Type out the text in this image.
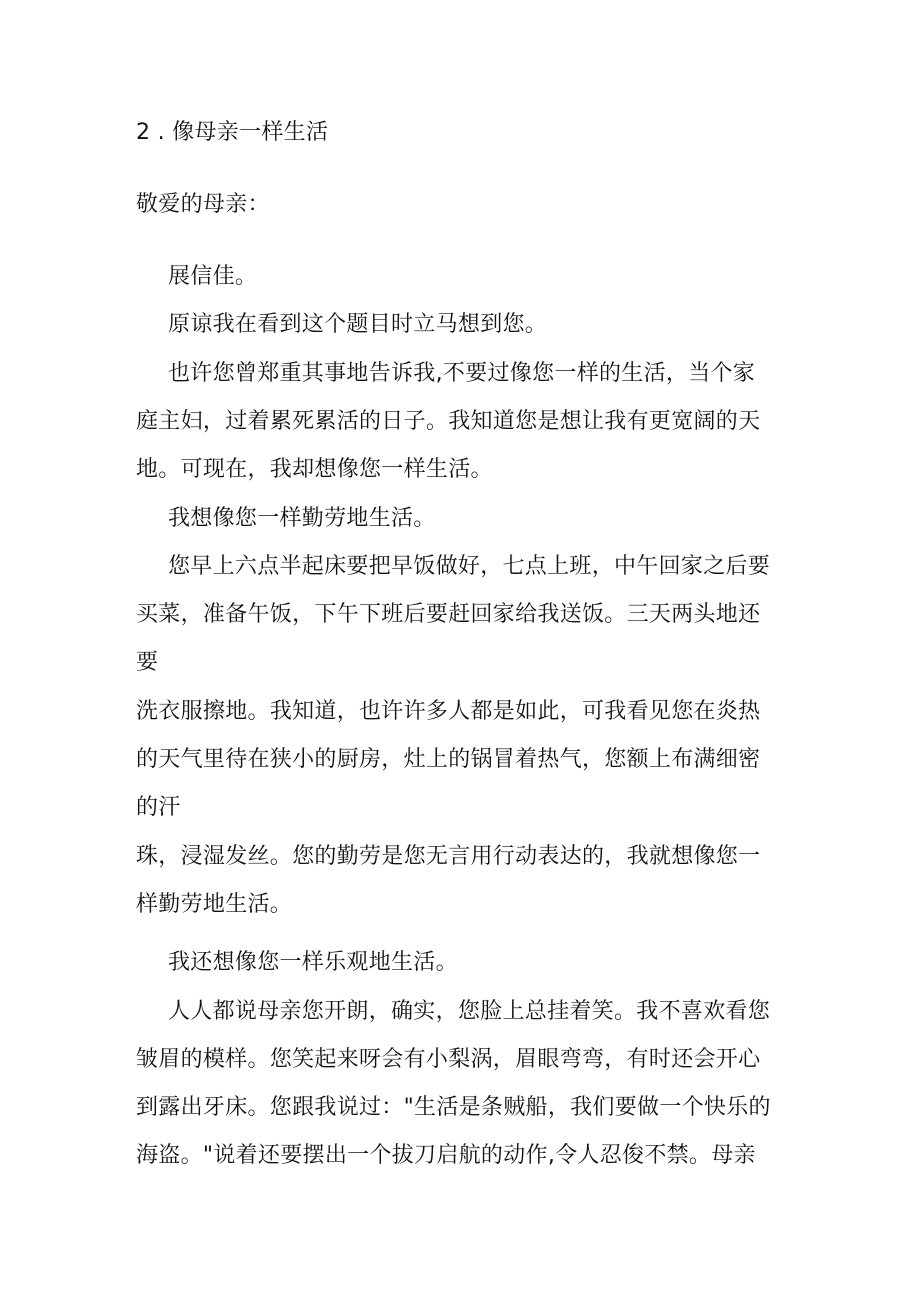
2 . 像母亲一样生活
敬爱的母亲：
展信佳。
原谅我在看到这个题目时立马想到您。
也许您曾郑重其事地告诉我,不要过像您一样的生活，当个家
庭主妇，过着累死累活的日子。我知道您是想让我有更宽阔的天
地。可现在，我却想像您一样生活。
我想像您一样勤劳地生活。
您早上六点半起床要把早饭做好，七点上班，中午回家之后要
买菜，准备午饭，下午下班后要赶回家给我送饭。三天两头地还
要
洗衣服擦地。我知道，也许许多人都是如此，可我看见您在炎热
的天气里待在狭小的厨房，灶上的锅冒着热气，您额上布满细密
的汗
珠，浸湿发丝。您的勤劳是您无言用行动表达的，我就想像您一
样勤劳地生活。
我还想像您一样乐观地生活。
人人都说母亲您开朗，确实，您脸上总挂着笑。我不喜欢看您
皱眉的模样。您笑起来呀会有小梨涡，眉眼弯弯，有时还会开心
到露出牙床。您跟我说过："生活是条贼船，我们要做一个快乐的
海盗。"说着还要摆出一个拔刀启航的动作,令人忍俊不禁。母亲
